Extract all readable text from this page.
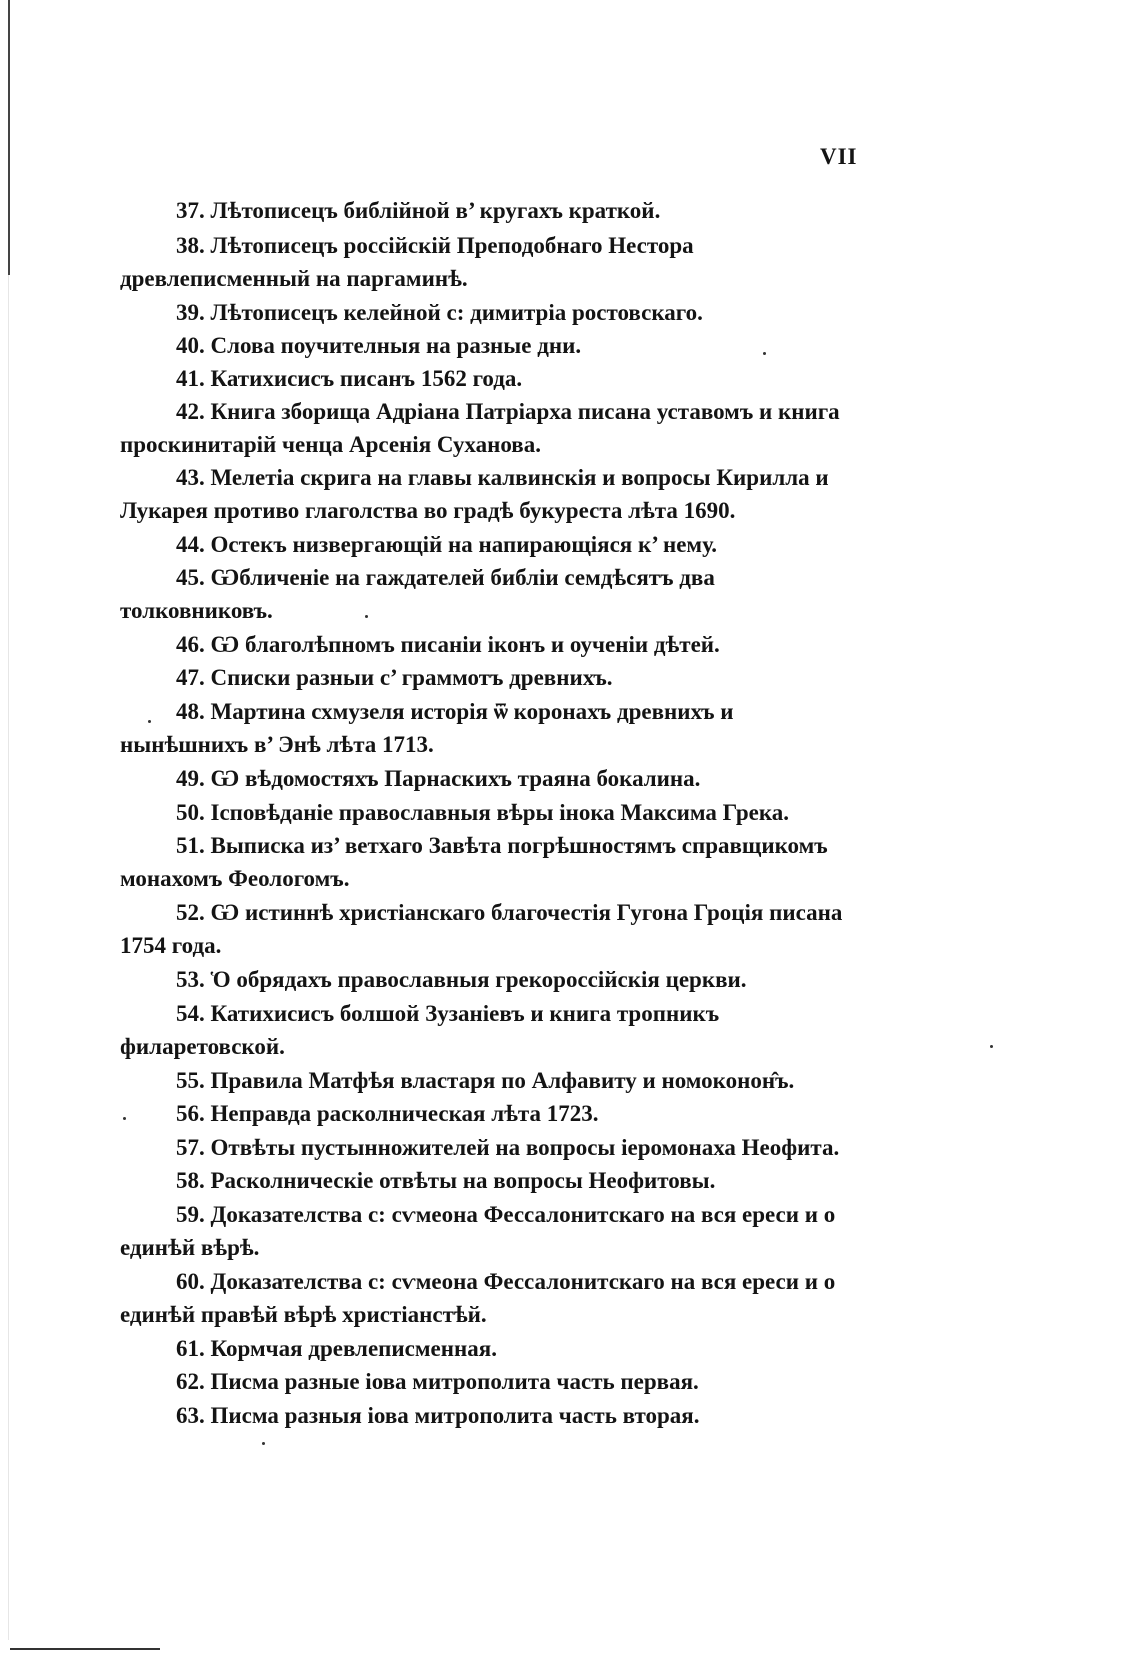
VII
37. Лѣтописецъ библійной в’ кругахъ краткой.
38. Лѣтописецъ россійскій Преподобнаго Нестора
39. Лѣтописецъ келейной с: димитріа ростовскаго.
40. Слова поучителныя на разные дни.
41. Катихисисъ писанъ 1562 года.
42. Книга зборища Адріана Патріарха писана уставомъ и книга
43. Мелетіа скрига на главы калвинскія и вопросы Кирилла и
44. Остекъ низвергающій на напирающіяся к’ нему.
45. Ѡбличеніе на гаждателей библіи семдѣсятъ два
46. Ѡ благолѣпномъ писаніи іконъ и оученіи дѣтей.
47. Списки разныи с’ граммотъ древнихъ.
48. Мартина схмузеля исторія ѿ коронахъ древнихъ и
49. Ѡ вѣдомостяхъ Парнаскихъ траяна бокалина.
50. Ісповѣданіе православныя вѣры інока Максима Грека.
51. Выписка из’ ветхаго Завѣта погрѣшностямъ справщикомъ
52. Ѡ истиннѣ христіанскаго благочестія Гугона Гроція писана
53. Ὁ обрядахъ православныя грекороссійскія церкви.
54. Катихисисъ болшой Зузаніевъ и книга тропникъ
55. Правила Матфѣя властаря по Алфавиту и номоконон̂ъ.
56. Неправда расколническая лѣта 1723.
57. Отвѣты пустынножителей на вопросы іеромонаха Неофита.
58. Расколническіе отвѣты на вопросы Неофитовы.
59. Доказателства с: сѵмеона Фессалонитскаго на вся ереси и о
60. Доказателства с: сѵмеона Фессалонитскаго на вся ереси и о
61. Кормчая древлеписменная.
62. Писма разные іова митрополита часть первая.
63. Писма разныя іова митрополита часть вторая.
древлеписменный на паргаминѣ.
проскинитарій ченца Арсенія Суханова.
Лукарея противо глаголства во градѣ букуреста лѣта 1690.
толковниковъ.
нынѣшнихъ в’ Энѣ лѣта 1713.
монахомъ Феологомъ.
1754 года.
филаретовской.
единѣй вѣрѣ.
единѣй правѣй вѣрѣ христіанстѣй.
